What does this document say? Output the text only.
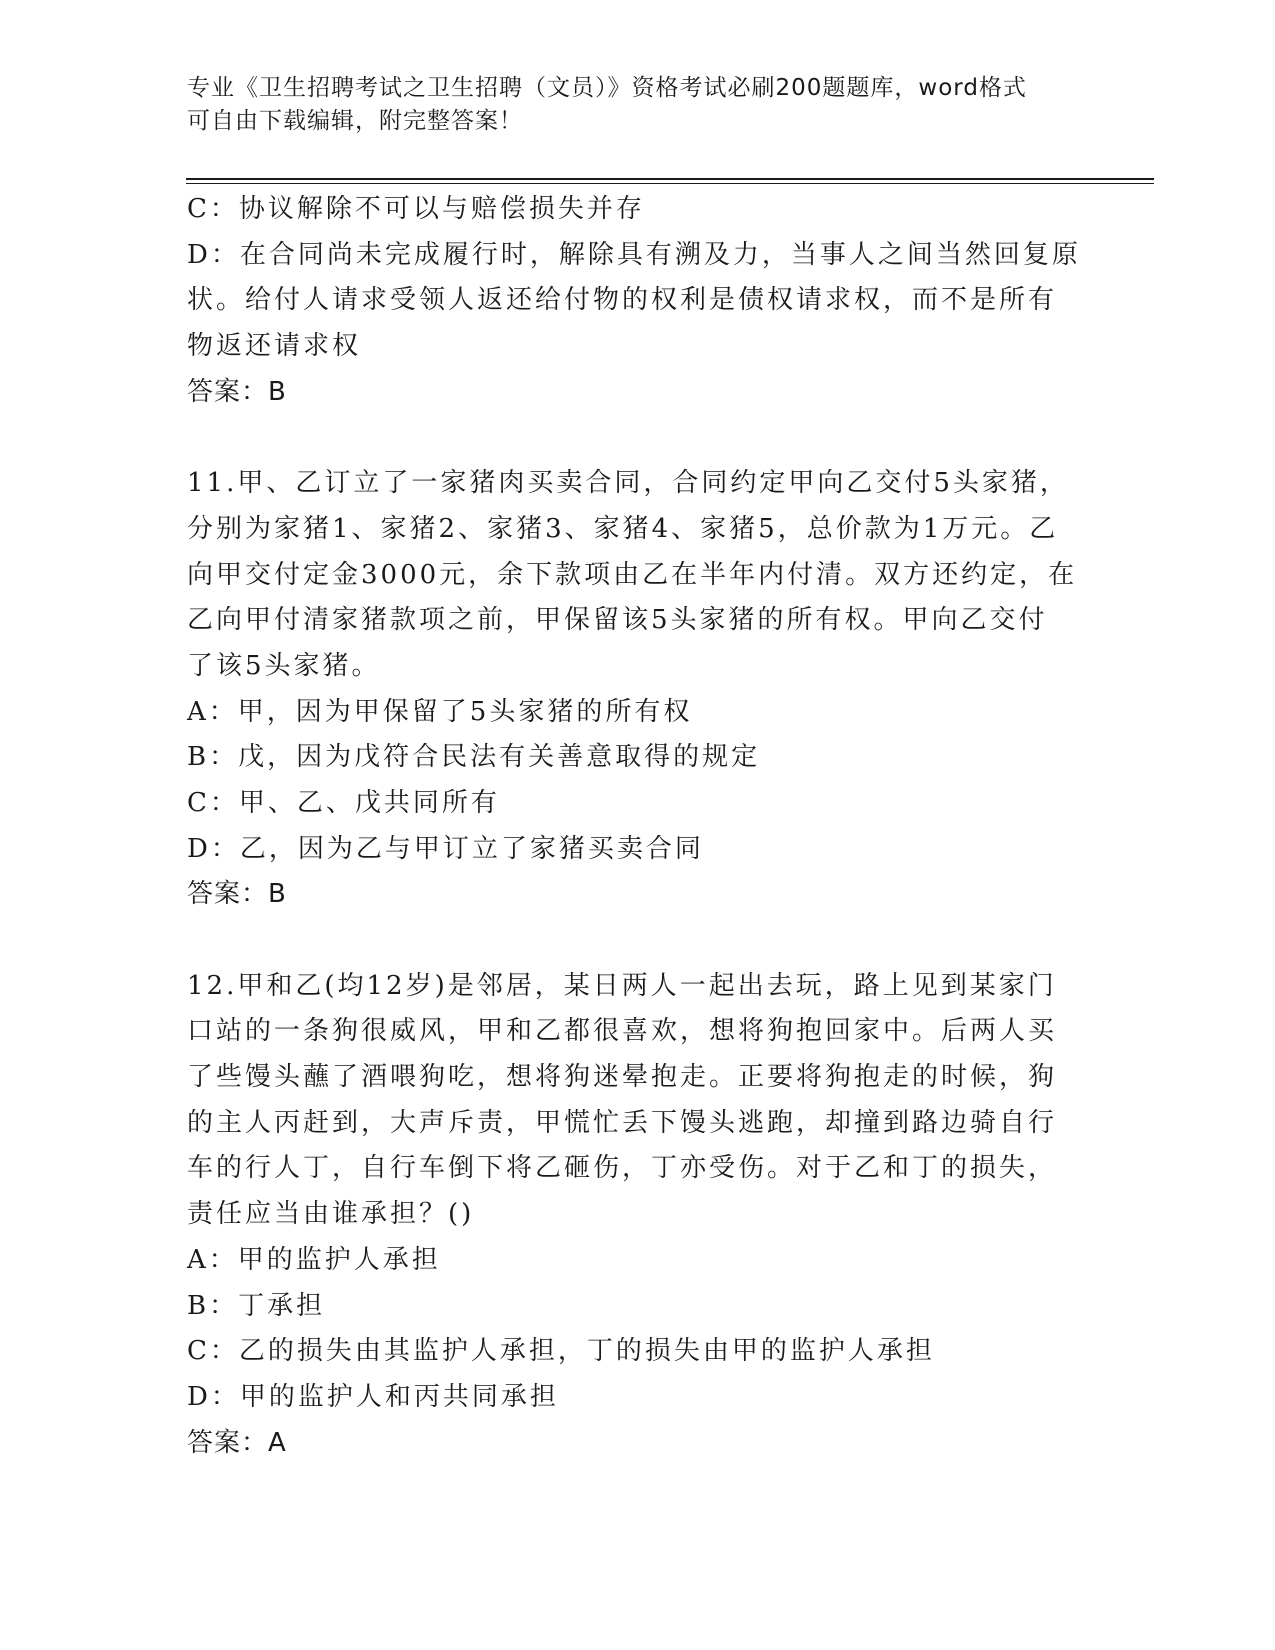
专业《卫生招聘考试之卫生招聘（文员）》资格考试必刷200题题库，word格式
可自由下载编辑，附完整答案！
C：协议解除不可以与赔偿损失并存
D：在合同尚未完成履行时，解除具有溯及力，当事人之间当然回复原
状。给付人请求受领人返还给付物的权利是债权请求权，而不是所有
物返还请求权
答案：B
11.甲、乙订立了一家猪肉买卖合同，合同约定甲向乙交付5头家猪，
分别为家猪1、家猪2、家猪3、家猪4、家猪5，总价款为1万元。乙
向甲交付定金3000元，余下款项由乙在半年内付清。双方还约定，在
乙向甲付清家猪款项之前，甲保留该5头家猪的所有权。甲向乙交付
了该5头家猪。
A：甲，因为甲保留了5头家猪的所有权
B：戊，因为戊符合民法有关善意取得的规定
C：甲、乙、戊共同所有
D：乙，因为乙与甲订立了家猪买卖合同
答案：B
12.甲和乙(均12岁)是邻居，某日两人一起出去玩，路上见到某家门
口站的一条狗很威风，甲和乙都很喜欢，想将狗抱回家中。后两人买
了些馒头蘸了酒喂狗吃，想将狗迷晕抱走。正要将狗抱走的时候，狗
的主人丙赶到，大声斥责，甲慌忙丢下馒头逃跑，却撞到路边骑自行
车的行人丁，自行车倒下将乙砸伤，丁亦受伤。对于乙和丁的损失，
责任应当由谁承担？()
A：甲的监护人承担
B：丁承担
C：乙的损失由其监护人承担，丁的损失由甲的监护人承担
D：甲的监护人和丙共同承担
答案：A
